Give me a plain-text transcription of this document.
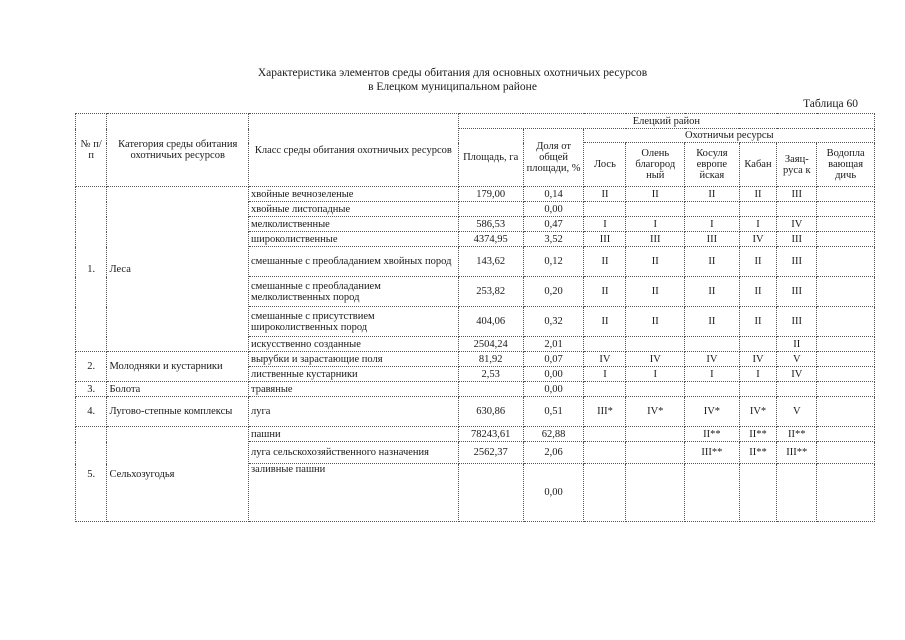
Характеристика элементов среды обитания для основных охотничьих ресурсов
в Елецком муниципальном районе
Таблица 60
№ п/п	Категория среды обитания охотничьих ресурсов	Класс среды обитания охотничьих ресурсов	Елецкий район							
			Площадь, га	Доля от общей площади, %	Охотничьи ресурсы					
					Лось	Олень благород ный	Косуля европе йская	Кабан	Заяц-руса к	Водопла вающая дичь
1.	Леса	хвойные вечнозеленые	179,00	0,14	II	II	II	II	III	
		хвойные листопадные		0,00						
		мелколиственные	586,53	0,47	I	I	I	I	IV	
		широколиственные	4374,95	3,52	III	III	III	IV	III	
		смешанные с преобладанием хвойных пород	143,62	0,12	II	II	II	II	III	
		смешанные с преобладанием мелколиственных пород	253,82	0,20	II	II	II	II	III	
		смешанные с присутствием широколиственных пород	404,06	0,32	II	II	II	II	III	
		искусственно созданные	2504,24	2,01					II	
2.	Молодняки и кустарники	вырубки и зарастающие поля	81,92	0,07	IV	IV	IV	IV	V	
		лиственные кустарники	2,53	0,00	I	I	I	I	IV	
3.	Болота	травяные		0,00						
4.	Лугово-степные комплексы	луга	630,86	0,51	III*	IV*	IV*	IV*	V	
5.	Сельхозугодья	пашни	78243,61	62,88			II**	II**	II**	
		луга сельскохозяйственного назначения	2562,37	2,06			III**	II**	III**	
		заливные пашни		0,00						
